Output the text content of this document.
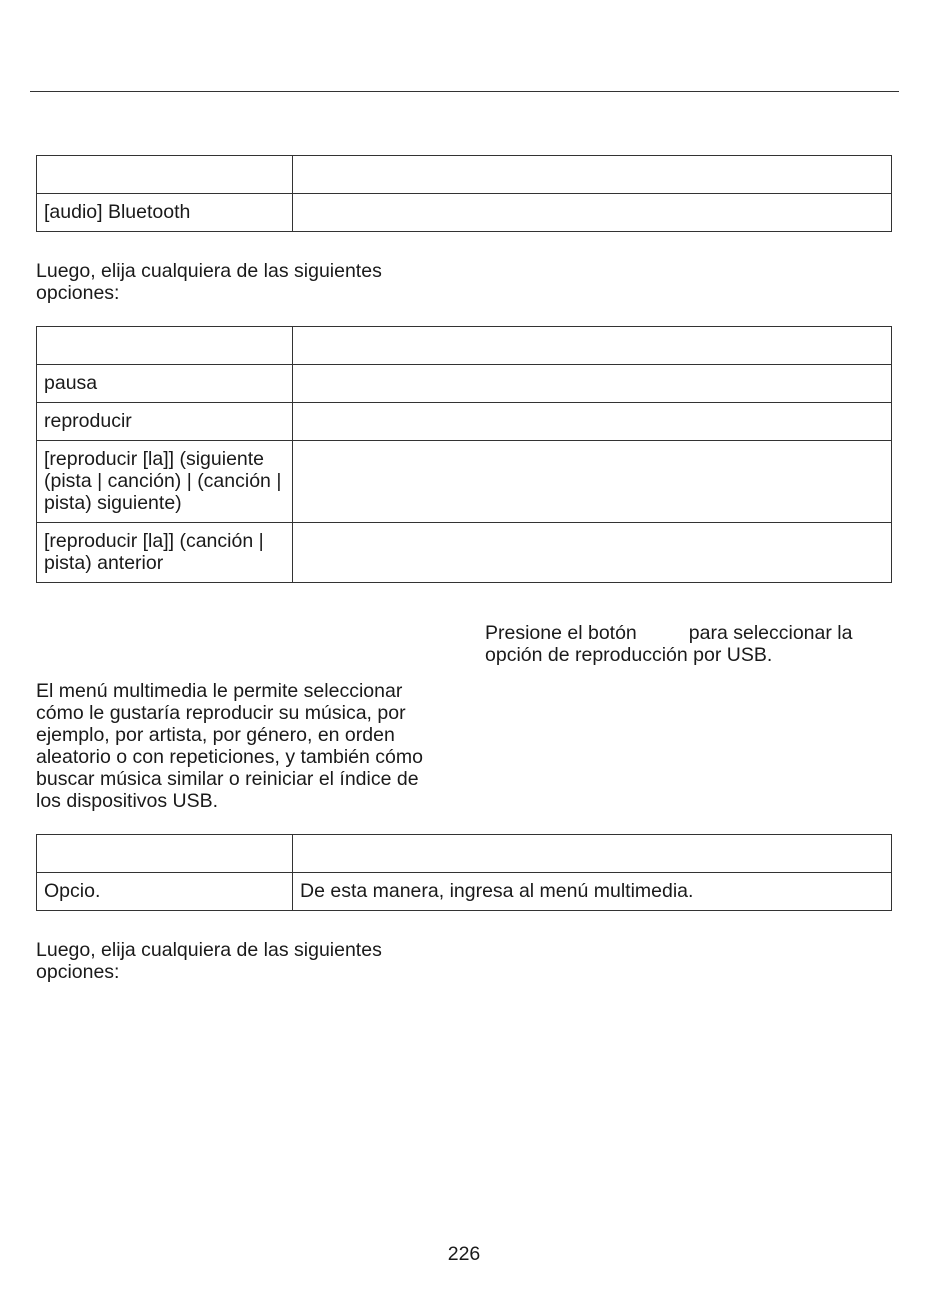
[audio] Bluetooth	

Luego, elija cualquiera de las siguientes opciones:

pausa	
reproducir	
[reproducir [la]] (siguiente (pista | canción) | (canción | pista) siguiente)	
[reproducir [la]] (canción | pista) anterior	

Presione el botón	para seleccionar la opción de reproducción por USB.

El menú multimedia le permite seleccionar cómo le gustaría reproducir su música, por ejemplo, por artista, por género, en orden aleatorio o con repeticiones, y también cómo buscar música similar o reiniciar el índice de los dispositivos USB.

Opcio.	De esta manera, ingresa al menú multimedia.

Luego, elija cualquiera de las siguientes opciones:

226
